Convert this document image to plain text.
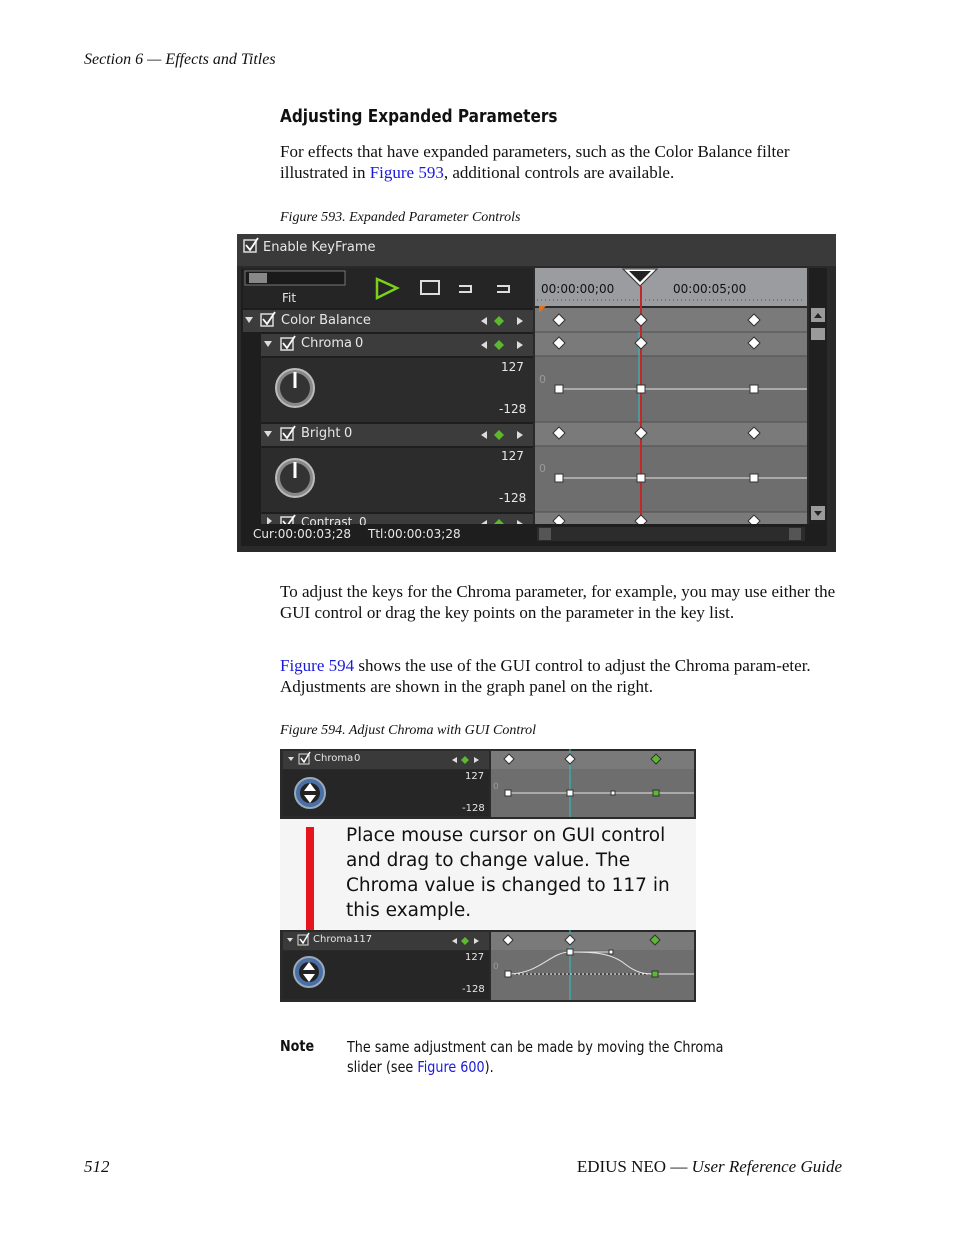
Section 6 — Effects and Titles
Adjusting Expanded Parameters
For effects that have expanded parameters, such as the Color Balance filter illustrated in Figure 593, additional controls are available.
Figure 593. Expanded Parameter Controls
Enable KeyFrame
Fit
00:00:00;00	00:00:05;00
Color Balance
Chroma 0
127
-128
0
Bright 0
127
-128
0
Contrast 0
Cur:00:00:03;28 Ttl:00:00:03;28
To adjust the keys for the Chroma parameter, for example, you may use either the GUI control or drag the key points on the parameter in the key list.
Figure 594 shows the use of the GUI control to adjust the Chroma param-eter. Adjustments are shown in the graph panel on the right.
Figure 594. Adjust Chroma with GUI Control
Chroma 0
127
-128
0
Chroma 117
127
-128
0
Place mouse cursor on GUI control
and drag to change value. The
Chroma value is changed to 117 in
this example.
Note The same adjustment can be made by moving the Chroma slider (see Figure 600).
512	EDIUS NEO — User Reference Guide
